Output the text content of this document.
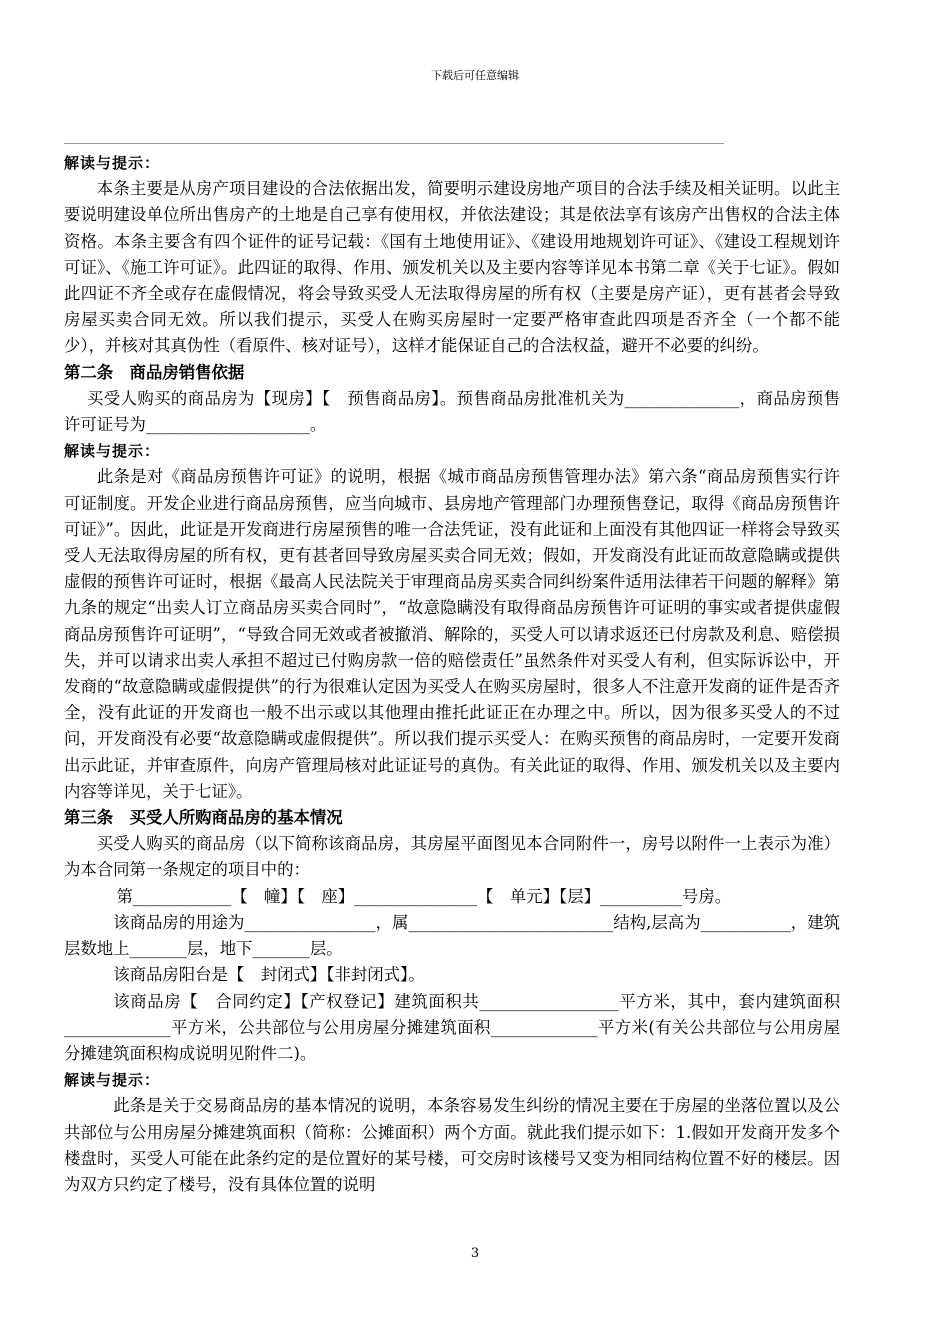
下载后可任意编辑

解读与提示：

本条主要是从房产项目建设的合法依据出发，简要明示建设房地产项目的合法手续及相关证明。以此主要说明建设单位所出售房产的土地是自己享有使用权，并依法建设；其是依法享有该房产出售权的合法主体资格。本条主要含有四个证件的证号记载：《国有土地使用证》、《建设用地规划许可证》、《建设工程规划许可证》、《施工许可证》。此四证的取得、作用、颁发机关以及主要内容等详见本书第二章《关于七证》。假如此四证不齐全或存在虚假情况，将会导致买受人无法取得房屋的所有权（主要是房产证），更有甚者会导致房屋买卖合同无效。所以我们提示，买受人在购买房屋时一定要严格审查此四项是否齐全（一个都不能少），并核对其真伪性（看原件、核对证号），这样才能保证自己的合法权益，避开不必要的纠纷。

第二条　商品房销售依据

买受人购买的商品房为【现房】【　预售商品房】。预售商品房批准机关为______________，商品房预售许可证号为____________________。

解读与提示：

此条是对《商品房预售许可证》的说明，根据《城市商品房预售管理办法》第六条“商品房预售实行许可证制度。开发企业进行商品房预售，应当向城市、县房地产管理部门办理预售登记，取得《商品房预售许可证》”。因此，此证是开发商进行房屋预售的唯一合法凭证，没有此证和上面没有其他四证一样将会导致买受人无法取得房屋的所有权，更有甚者回导致房屋买卖合同无效；假如，开发商没有此证而故意隐瞒或提供虚假的预售许可证时，根据《最高人民法院关于审理商品房买卖合同纠纷案件适用法律若干问题的解释》第九条的规定“出卖人订立商品房买卖合同时”，“故意隐瞒没有取得商品房预售许可证明的事实或者提供虚假商品房预售许可证明”，“导致合同无效或者被撤消、解除的，买受人可以请求返还已付房款及利息、赔偿损失，并可以请求出卖人承担不超过已付购房款一倍的赔偿责任”虽然条件对买受人有利，但实际诉讼中，开发商的“故意隐瞒或虚假提供”的行为很难认定因为买受人在购买房屋时，很多人不注意开发商的证件是否齐全，没有此证的开发商也一般不出示或以其他理由推托此证正在办理之中。所以，因为很多买受人的不过问，开发商没有必要“故意隐瞒或虚假提供”。所以我们提示买受人：在购买预售的商品房时，一定要开发商出示此证，并审查原件，向房产管理局核对此证证号的真伪。有关此证的取得、作用、颁发机关以及主要内内容等详见，关于七证》。

第三条　买受人所购商品房的基本情况

买受人购买的商品房（以下简称该商品房，其房屋平面图见本合同附件一，房号以附件一上表示为准）为本合同第一条规定的项目中的：

第____________【　幢】【　座】_______________【　单元】【层】__________号房。

该商品房的用途为________________，属_________________________结构,层高为___________，建筑层数地上_______层，地下_______层。

该商品房阳台是【　封闭式】【非封闭式】。

该商品房【　合同约定】【产权登记】建筑面积共_________________平方米，其中，套内建筑面积_____________平方米，公共部位与公用房屋分摊建筑面积_____________平方米(有关公共部位与公用房屋分摊建筑面积构成说明见附件二)。

解读与提示：

此条是关于交易商品房的基本情况的说明，本条容易发生纠纷的情况主要在于房屋的坐落位置以及公共部位与公用房屋分摊建筑面积（简称：公摊面积）两个方面。就此我们提示如下：1.假如开发商开发多个楼盘时，买受人可能在此条约定的是位置好的某号楼，可交房时该楼号又变为相同结构位置不好的楼层。因为双方只约定了楼号，没有具体位置的说明

3
